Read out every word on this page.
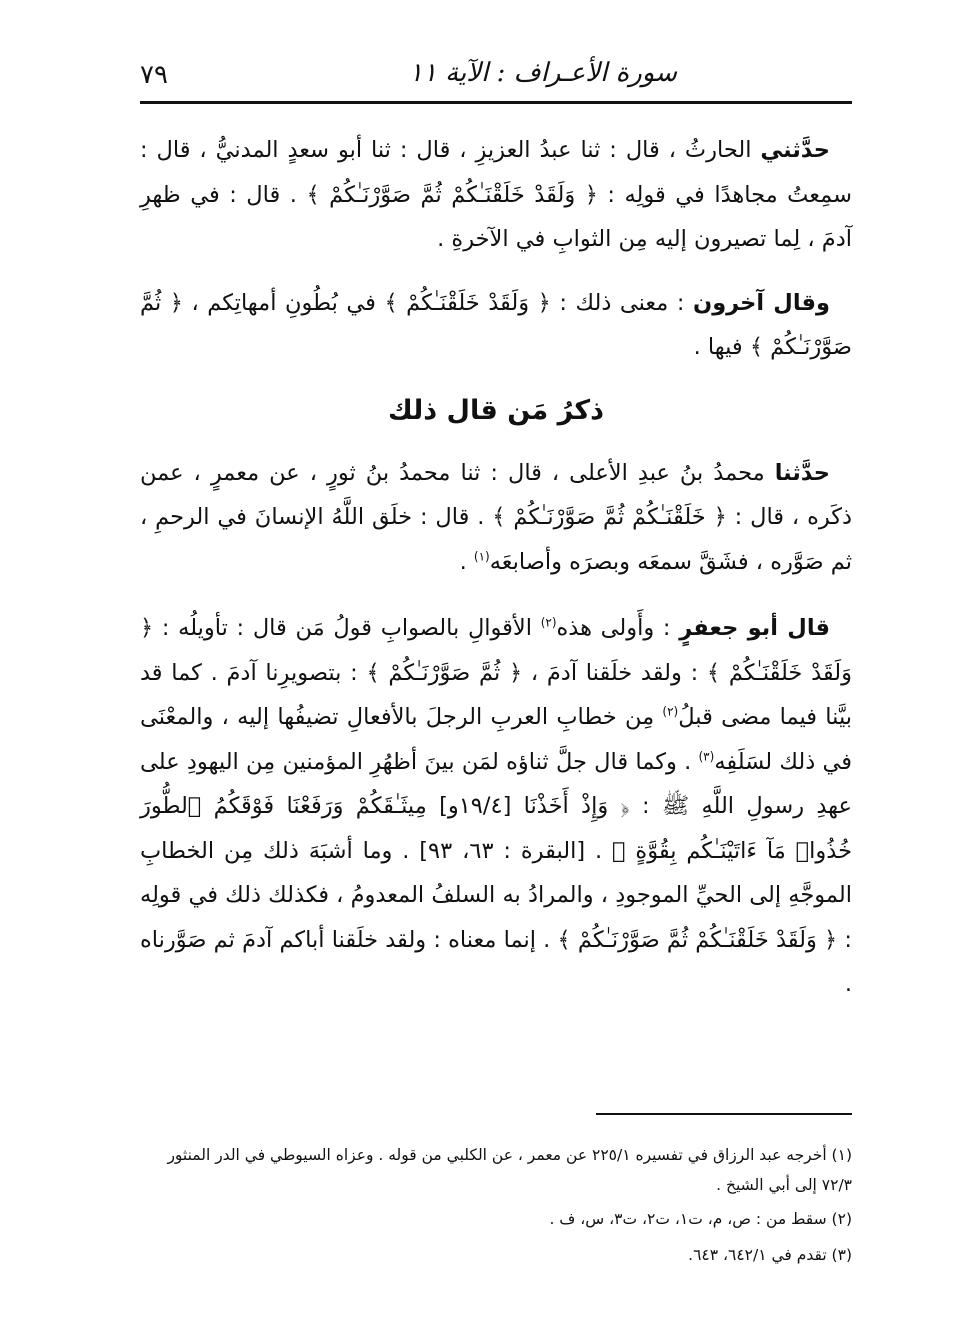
٧٩	سورة الأعـراف : الآية ١١

حدَّثني الحارثُ ، قال : ثنا عبدُ العزيزِ ، قال : ثنا أبو سعدٍ المدنيُّ ، قال : سمِعتُ مجاهدًا في قولِه : ﴿ وَلَقَدْ خَلَقْنَـٰكُمْ ثُمَّ صَوَّرْنَـٰكُمْ ﴾ . قال : في ظهرِ آدمَ ، لِما تصيرون إليه مِن الثوابِ في الآخرةِ .

وقال آخرون : معنى ذلك : ﴿ وَلَقَدْ خَلَقْنَـٰكُمْ ﴾ في بُطُونِ أمهاتِكم ، ﴿ ثُمَّ صَوَّرْنَـٰكُمْ ﴾ فيها .

ذكرُ مَن قال ذلك

حدَّثنا محمدُ بنُ عبدِ الأعلى ، قال : ثنا محمدُ بنُ ثورٍ ، عن معمرٍ ، عمن ذكَره ، قال : ﴿ خَلَقْنَـٰكُمْ ثُمَّ صَوَّرْنَـٰكُمْ ﴾ . قال : خلَق اللَّهُ الإنسانَ في الرحمِ ، ثم صَوَّره ، فشَقَّ سمعَه وبصرَه وأصابعَه$^{(١)}$ .

قال أبو جعفرٍ : وأَولى هذه$^{(٢)}$ الأقوالِ بالصوابِ قولُ مَن قال : تأويلُه : ﴿ وَلَقَدْ خَلَقْنَـٰكُمْ ﴾ : ولقد خلَقنا آدمَ ، ﴿ ثُمَّ صَوَّرْنَـٰكُمْ ﴾ : بتصويرِنا آدمَ . كما قد بيَّنا فيما مضى قبلُ$^{(٢)}$ مِن خطابِ العربِ الرجلَ بالأفعالِ تضيفُها إليه ، والمعْنَى في ذلك لسَلَفِه$^{(٣)}$ . وكما قال جلَّ ثناؤه لمَن بينَ أظهُرِ المؤمنين مِن اليهودِ على عهدِ رسولِ اللَّهِ ﷺ : ﴿ وَإِذْ أَخَذْنَا [١٩/٤و] مِيثَـٰقَكُمْ وَرَفَعْنَا فَوْقَكُمُ ٱلطُّورَ خُذُوا۟ مَآ ءَاتَيْنَـٰكُم بِقُوَّةٍ ﴾ . [البقرة : ٦٣، ٩٣] . وما أشبَهَ ذلك مِن الخطابِ الموجَّهِ إلى الحيِّ الموجودِ ، والمرادُ به السلفُ المعدومُ ، فكذلك ذلك في قولِه : ﴿ وَلَقَدْ خَلَقْنَـٰكُمْ ثُمَّ صَوَّرْنَـٰكُمْ ﴾ . إنما معناه : ولقد خلَقنا أباكم آدمَ ثم صَوَّرناه .

(١) أخرجه عبد الرزاق في تفسيره ٢٢٥/١ عن معمر ، عن الكلبي من قوله . وعزاه السيوطي في الدر المنثور ٧٢/٣ إلى أبي الشيخ .

(٢) سقط من : ص، م، ت١، ت٢، ت٣، س، ف .

(٣) تقدم في ٦٤٢/١، ٦٤٣.
